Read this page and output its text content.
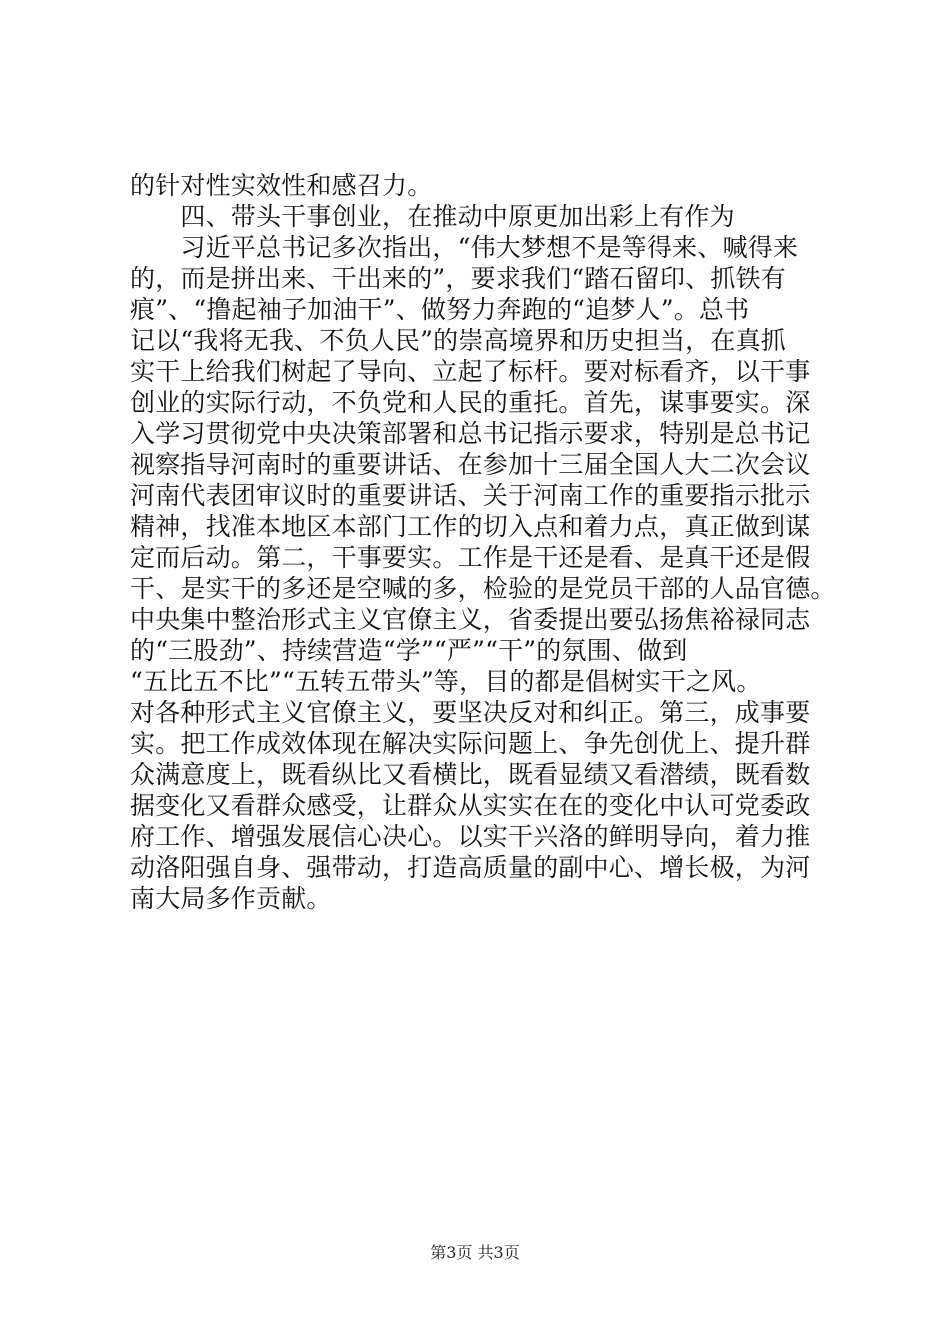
的针对性实效性和感召力。
　　四、带头干事创业，在推动中原更加出彩上有作为
　　习近平总书记多次指出，“伟大梦想不是等得来、喊得来
的，而是拼出来、干出来的”，要求我们“踏石留印、抓铁有
痕”、“撸起袖子加油干”、做努力奔跑的“追梦人”。总书
记以“我将无我、不负人民”的崇高境界和历史担当，在真抓
实干上给我们树起了导向、立起了标杆。要对标看齐，以干事
创业的实际行动，不负党和人民的重托。首先，谋事要实。深
入学习贯彻党中央决策部署和总书记指示要求，特别是总书记
视察指导河南时的重要讲话、在参加十三届全国人大二次会议
河南代表团审议时的重要讲话、关于河南工作的重要指示批示
精神，找准本地区本部门工作的切入点和着力点，真正做到谋
定而后动。第二，干事要实。工作是干还是看、是真干还是假
干、是实干的多还是空喊的多，检验的是党员干部的人品官德。
中央集中整治形式主义官僚主义，省委提出要弘扬焦裕禄同志
的“三股劲”、持续营造“学”“严”“干”的氛围、做到
“五比五不比”“五转五带头”等，目的都是倡树实干之风。
对各种形式主义官僚主义，要坚决反对和纠正。第三，成事要
实。把工作成效体现在解决实际问题上、争先创优上、提升群
众满意度上，既看纵比又看横比，既看显绩又看潜绩，既看数
据变化又看群众感受，让群众从实实在在的变化中认可党委政
府工作、增强发展信心决心。以实干兴洛的鲜明导向，着力推
动洛阳强自身、强带动，打造高质量的副中心、增长极，为河
南大局多作贡献。
第3页 共3页
